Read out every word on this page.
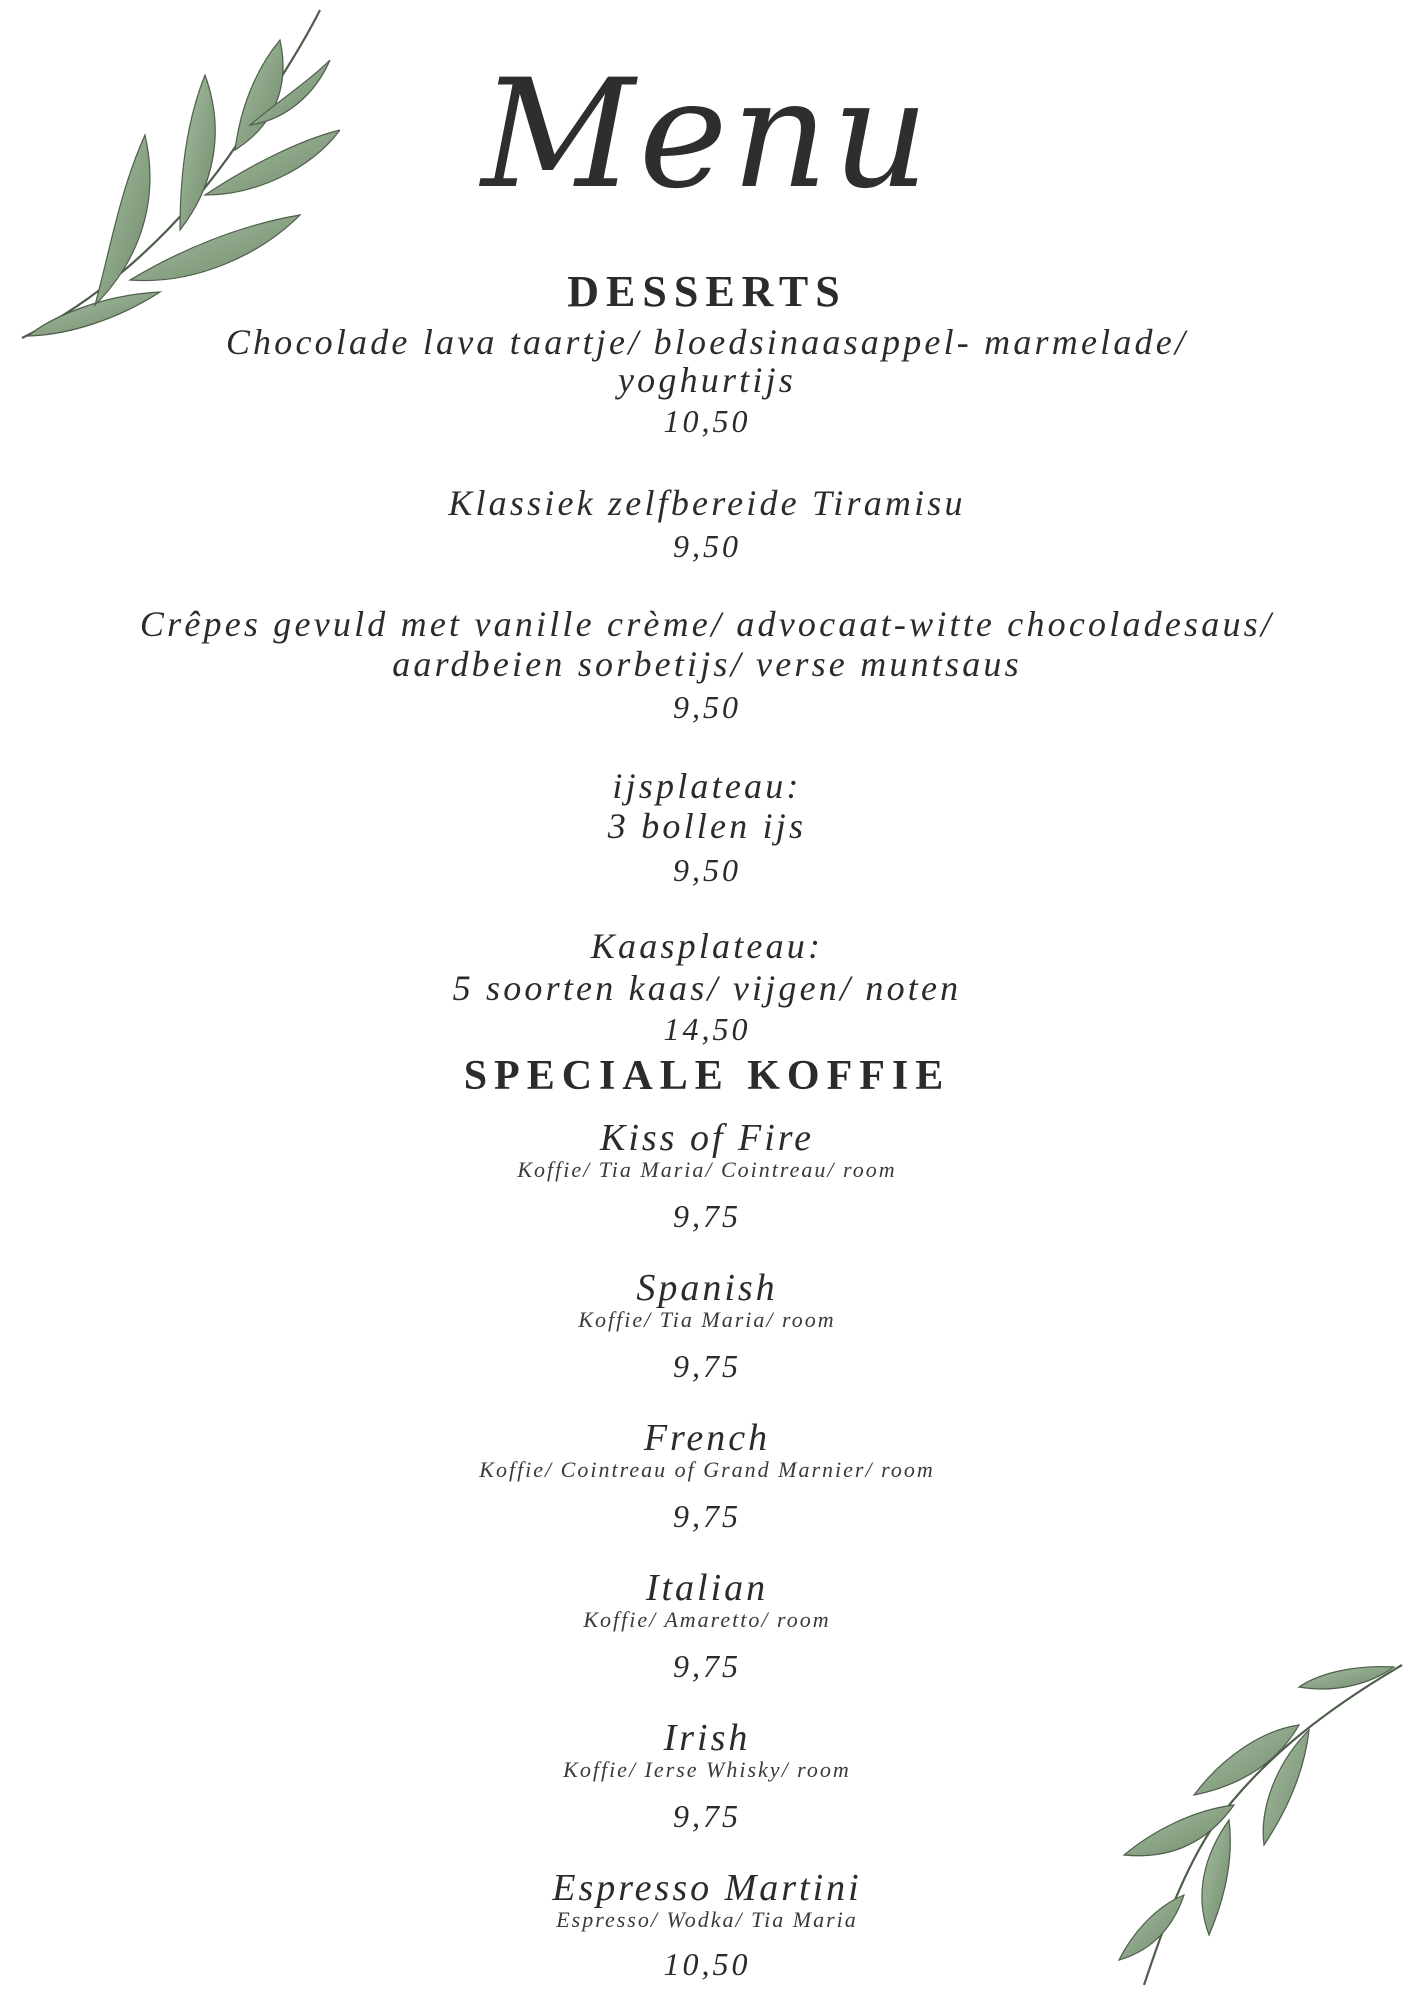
Menu
DESSERTS
Chocolade lava taartje/ bloedsinaasappel- marmelade/
yoghurtijs
10,50
Klassiek zelfbereide Tiramisu
9,50
Crêpes gevuld met vanille crème/ advocaat-witte chocoladesaus/
aardbeien sorbetijs/ verse muntsaus
9,50
ijsplateau:
3 bollen ijs
9,50
Kaasplateau:
5 soorten kaas/ vijgen/ noten
14,50
SPECIALE KOFFIE
Kiss of Fire
Koffie/ Tia Maria/ Cointreau/ room
9,75
Spanish
Koffie/ Tia Maria/ room
9,75
French
Koffie/ Cointreau of Grand Marnier/ room
9,75
Italian
Koffie/ Amaretto/ room
9,75
Irish
Koffie/ Ierse Whisky/ room
9,75
Espresso Martini
Espresso/ Wodka/ Tia Maria
10,50
